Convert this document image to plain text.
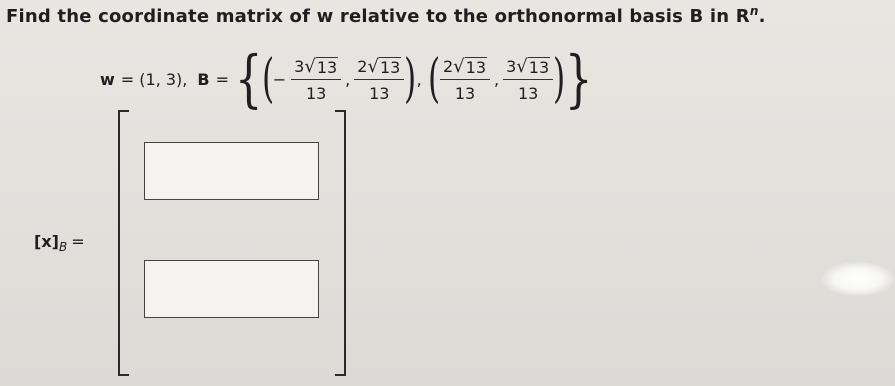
Find the coordinate matrix of w relative to the orthonormal basis B in $R^n$.
w = (1, 3), B = { (
− $\frac{3 √ 13}{13}$ , $\frac{2 √ 13}{13}$ ) , ( $\frac{2 √ 13}{13}$ , $\frac{3 √ 13}{13}$ ) }
$[x]_B$ =
